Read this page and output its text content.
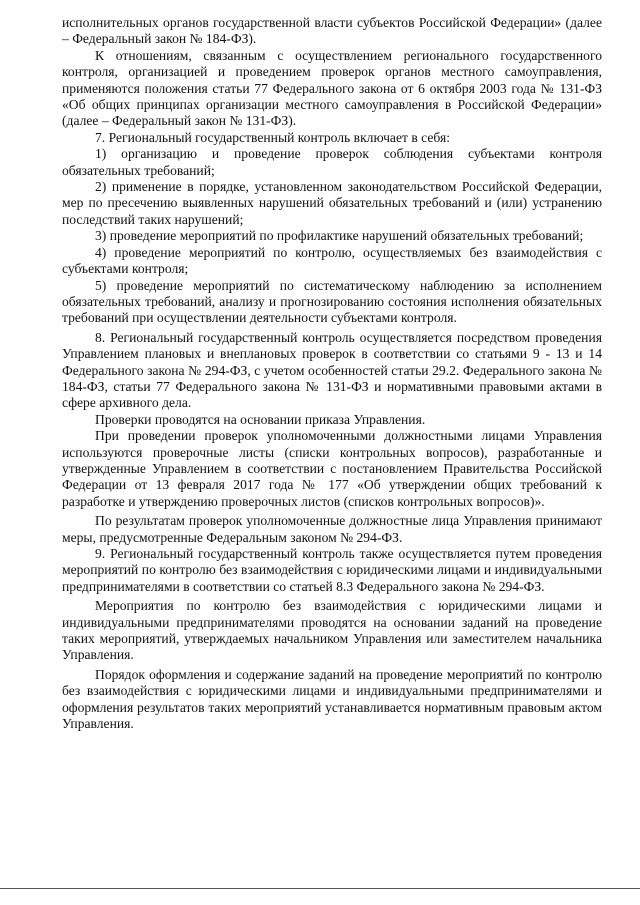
исполнительных органов государственной власти субъектов Российской Федерации» (далее – Федеральный закон № 184-ФЗ).

К отношениям, связанным с осуществлением регионального государственного контроля, организацией и проведением проверок органов местного самоуправления, применяются положения статьи 77 Федерального закона от 6 октября 2003 года № 131-ФЗ «Об общих принципах организации местного самоуправления в Российской Федерации» (далее – Федеральный закон № 131-ФЗ).

7. Региональный государственный контроль включает в себя:

1) организацию и проведение проверок соблюдения субъектами контроля обязательных требований;

2) применение в порядке, установленном законодательством Российской Федерации, мер по пресечению выявленных нарушений обязательных требований и (или) устранению последствий таких нарушений;

3) проведение мероприятий по профилактике нарушений обязательных требований;

4) проведение мероприятий по контролю, осуществляемых без взаимодействия с субъектами контроля;

5) проведение мероприятий по систематическому наблюдению за исполнением обязательных требований, анализу и прогнозированию состояния исполнения обязательных требований при осуществлении деятельности субъектами контроля.

8. Региональный государственный контроль осуществляется посредством проведения Управлением плановых и внеплановых проверок в соответствии со статьями 9 - 13 и 14 Федерального закона № 294-ФЗ, с учетом особенностей статьи 29.2. Федерального закона № 184-ФЗ, статьи 77 Федерального закона № 131-ФЗ и нормативными правовыми актами в сфере архивного дела.

Проверки проводятся на основании приказа Управления.

При проведении проверок уполномоченными должностными лицами Управления используются проверочные листы (списки контрольных вопросов), разработанные и утвержденные Управлением в соответствии с постановлением Правительства Российской Федерации от 13 февраля 2017 года № 177 «Об утверждении общих требований к разработке и утверждению проверочных листов (списков контрольных вопросов)».

По результатам проверок уполномоченные должностные лица Управления принимают меры, предусмотренные Федеральным законом № 294-ФЗ.

9. Региональный государственный контроль также осуществляется путем проведения мероприятий по контролю без взаимодействия с юридическими лицами и индивидуальными предпринимателями в соответствии со статьей 8.3 Федерального закона № 294-ФЗ.

Мероприятия по контролю без взаимодействия с юридическими лицами и индивидуальными предпринимателями проводятся на основании заданий на проведение таких мероприятий, утверждаемых начальником Управления или заместителем начальника Управления.

Порядок оформления и содержание заданий на проведение мероприятий по контролю без взаимодействия с юридическими лицами и индивидуальными предпринимателями и оформления результатов таких мероприятий устанавливается нормативным правовым актом Управления.
